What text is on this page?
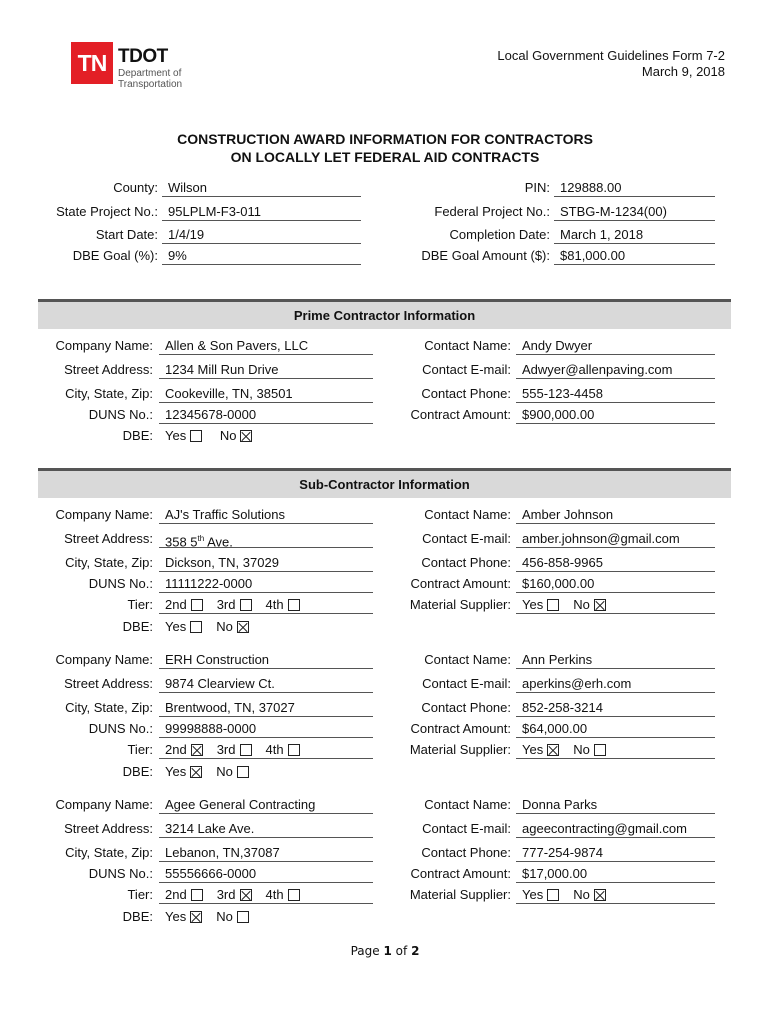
TN TDOT
Department of
Transportation
Local Government Guidelines Form 7-2
March 9, 2018
CONSTRUCTION AWARD INFORMATION FOR CONTRACTORS
ON LOCALLY LET FEDERAL AID CONTRACTS
County: Wilson	PIN: 129888.00
State Project No.: 95LPLM-F3-011	Federal Project No.: STBG-M-1234(00)
Start Date: 1/4/19	Completion Date: March 1, 2018
DBE Goal (%): 9%	DBE Goal Amount ($): $81,000.00
Prime Contractor Information
Company Name: Allen & Son Pavers, LLC	Contact Name: Andy Dwyer
Street Address: 1234 Mill Run Drive	Contact E-mail: Adwyer@allenpaving.com
City, State, Zip: Cookeville, TN, 38501	Contact Phone: 555-123-4458
DUNS No.: 12345678-0000	Contract Amount: $900,000.00
DBE: Yes	No
Sub-Contractor Information
Company Name: AJ's Traffic Solutions	Contact Name: Amber Johnson
Street Address: 358 5th Ave.	Contact E-mail: amber.johnson@gmail.com
City, State, Zip: Dickson, TN, 37029	Contact Phone: 456-858-9965
DUNS No.: 11111222-0000	Contract Amount: $160,000.00
Tier: 2nd 3rd 4th	Material Supplier: Yes No
DBE: Yes No
Company Name: ERH Construction	Contact Name: Ann Perkins
Street Address: 9874 Clearview Ct.	Contact E-mail: aperkins@erh.com
City, State, Zip: Brentwood, TN, 37027	Contact Phone: 852-258-3214
DUNS No.: 99998888-0000	Contract Amount: $64,000.00
Tier: 2nd 3rd 4th	Material Supplier: Yes No
DBE: Yes No
Company Name: Agee General Contracting	Contact Name: Donna Parks
Street Address: 3214 Lake Ave.	Contact E-mail: ageecontracting@gmail.com
City, State, Zip: Lebanon, TN,37087	Contact Phone: 777-254-9874
DUNS No.: 55556666-0000	Contract Amount: $17,000.00
Tier: 2nd 3rd 4th	Material Supplier: Yes No
DBE: Yes No
Page 1 of 2
